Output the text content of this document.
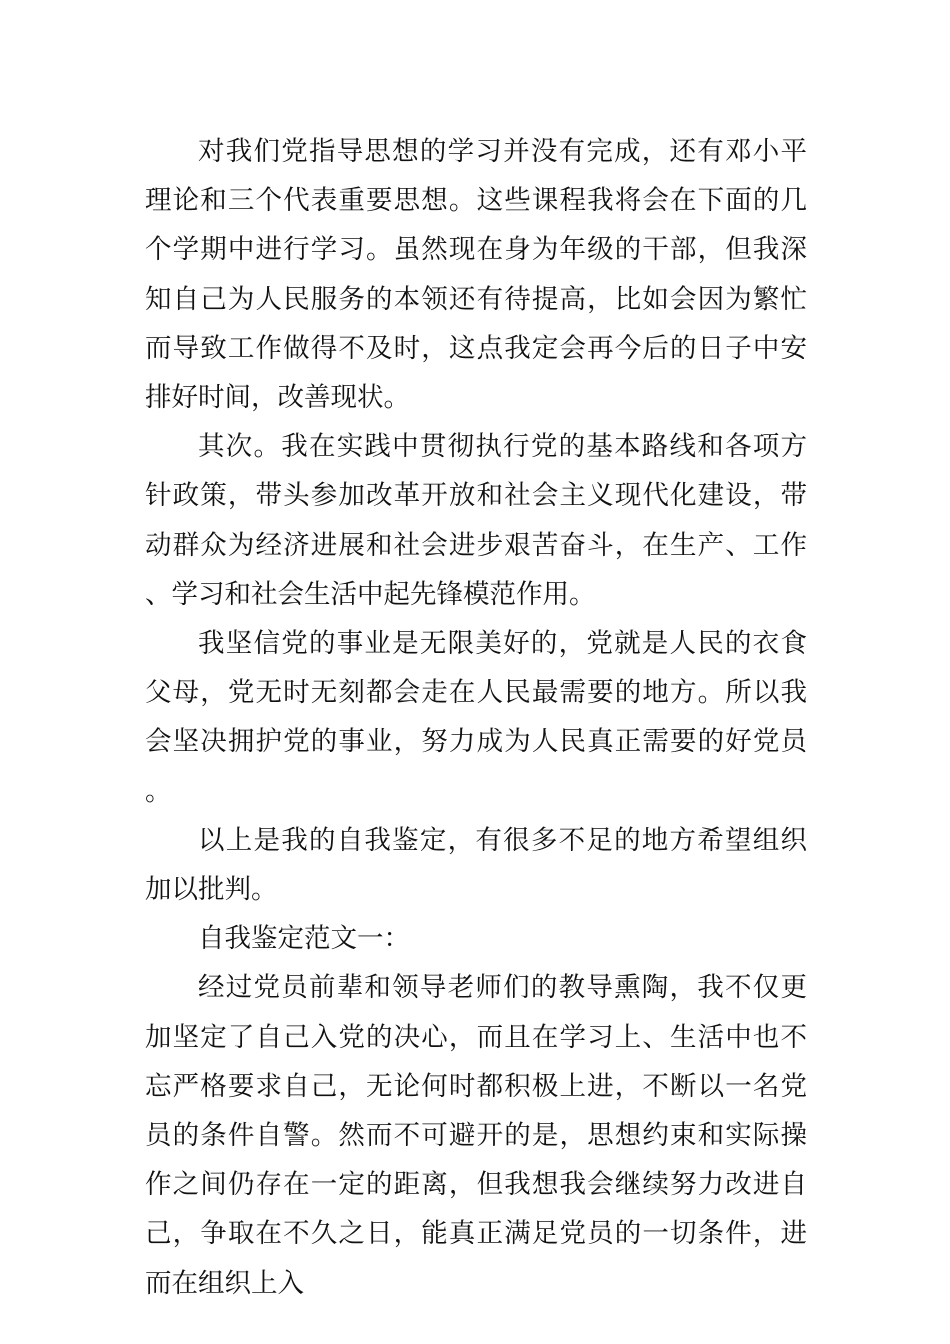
对我们党指导思想的学习并没有完成，还有邓小平理论和三个代表重要思想。这些课程我将会在下面的几个学期中进行学习。虽然现在身为年级的干部，但我深知自己为人民服务的本领还有待提高，比如会因为繁忙而导致工作做得不及时，这点我定会再今后的日子中安排好时间，改善现状。

其次。我在实践中贯彻执行党的基本路线和各项方针政策，带头参加改革开放和社会主义现代化建设，带动群众为经济进展和社会进步艰苦奋斗，在生产、工作、学习和社会生活中起先锋模范作用。

我坚信党的事业是无限美好的，党就是人民的衣食父母，党无时无刻都会走在人民最需要的地方。所以我会坚决拥护党的事业，努力成为人民真正需要的好党员。

以上是我的自我鉴定，有很多不足的地方希望组织加以批判。

自我鉴定范文一：

经过党员前辈和领导老师们的教导熏陶，我不仅更加坚定了自己入党的决心，而且在学习上、生活中也不忘严格要求自己，无论何时都积极上进，不断以一名党员的条件自警。然而不可避开的是，思想约束和实际操作之间仍存在一定的距离，但我想我会继续努力改进自己，争取在不久之日，能真正满足党员的一切条件，进而在组织上入
